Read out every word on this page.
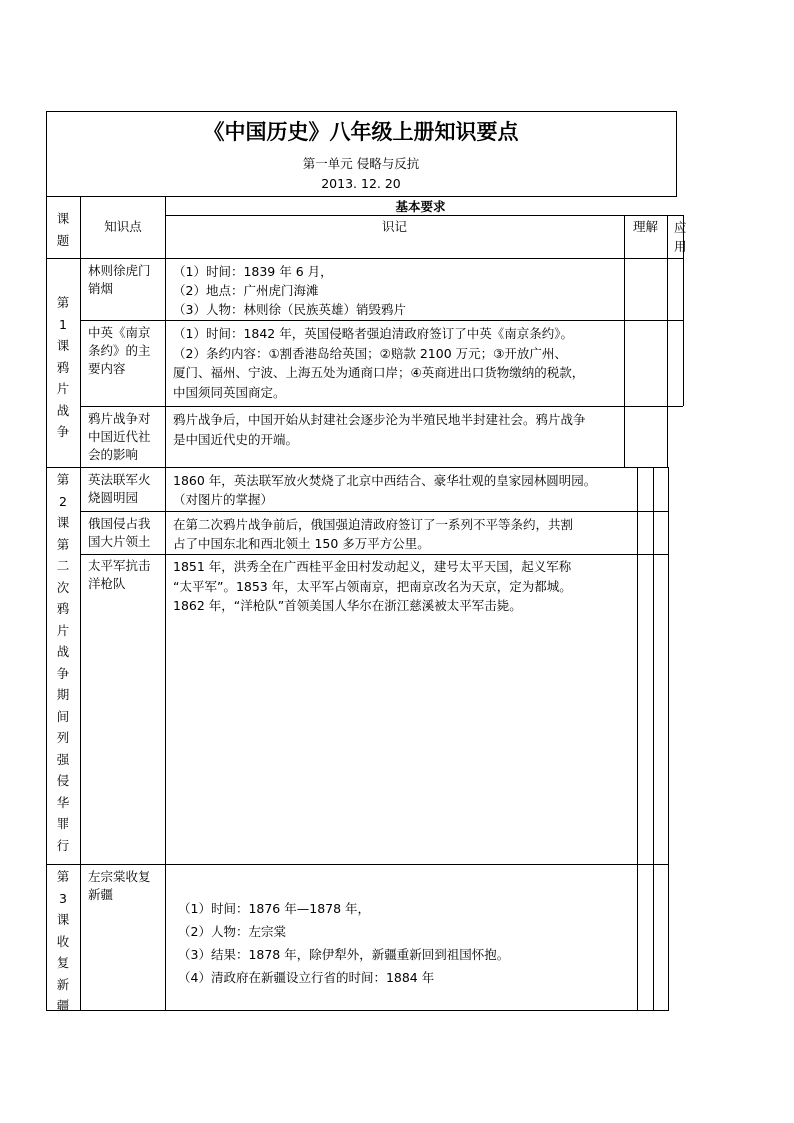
《中国历史》八年级上册知识要点
第一单元 侵略与反抗
2013. 12. 20
课
题
知识点
基本要求
识记	理解	应
用
第1课鸦片战争
林则徐虎门
销烟
（1）时间：1839 年 6 月，
（2）地点：广州虎门海滩
（3）人物：林则徐（民族英雄）销毁鸦片
中英《南京
条约》的主
要内容
（1）时间：1842 年，英国侵略者强迫清政府签订了中英《南京条约》。
（2）条约内容：①割香港岛给英国；②赔款 2100 万元；③开放广州、
厦门、福州、宁波、上海五处为通商口岸；④英商进出口货物缴纳的税款，
中国须同英国商定。
鸦片战争对
中国近代社
会的影响
鸦片战争后，中国开始从封建社会逐步沦为半殖民地半封建社会。鸦片战争
是中国近代史的开端。
第2课第二次鸦片战争期间列强侵华罪行
英法联军火
烧圆明园
1860 年，英法联军放火焚烧了北京中西结合、豪华壮观的皇家园林圆明园。
（对图片的掌握）
俄国侵占我
国大片领土
在第二次鸦片战争前后，俄国强迫清政府签订了一系列不平等条约，共割
占了中国东北和西北领土 150 多万平方公里。
太平军抗击
洋枪队
1851 年，洪秀全在广西桂平金田村发动起义，建号太平天国，起义军称
“太平军”。1853 年，太平军占领南京，把南京改名为天京，定为都城。
1862 年，“洋枪队”首领美国人华尔在浙江慈溪被太平军击毙。
第3课收复新疆
左宗棠收复
新疆
（1）时间：1876 年—1878 年，
（2）人物：左宗棠
（3）结果：1878 年，除伊犁外，新疆重新回到祖国怀抱。
（4）清政府在新疆设立行省的时间：1884 年
